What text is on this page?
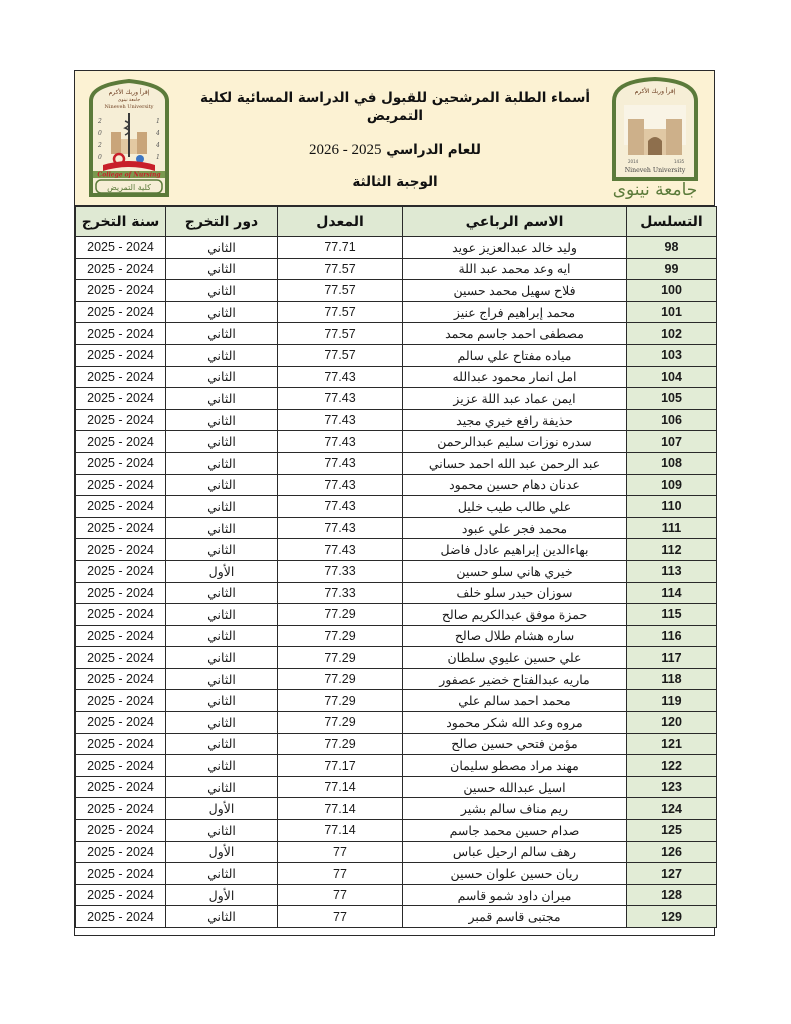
إقرأ وربك الأكرم
جامعة نينوى
Nineveh University
2
0
2
0
1
4
4
1
College of Nursing
كلية التمريض
أسماء الطلبة المرشحين للقبول في الدراسة المسائية لكلية التمريض
للعام الدراسي 2025 - 2026
الوجبة الثالثة
إقرأ وربك الأكرم
2014	1435
Nineveh University
جامعة نينوى
التسلسل	الاسم الرباعي	المعدل	دور التخرج	سنة التخرج
98	وليد خالد عبدالعزيز عويد	77.71	الثاني	2025 - 2024
99	ايه وعد محمد عبد اللة	77.57	الثاني	2025 - 2024
100	فلاح سهيل محمد حسين	77.57	الثاني	2025 - 2024
101	محمد إبراهيم فراج عنيز	77.57	الثاني	2025 - 2024
102	مصطفى احمد جاسم محمد	77.57	الثاني	2025 - 2024
103	مياده مفتاح علي سالم	77.57	الثاني	2025 - 2024
104	امل انمار محمود عبدالله	77.43	الثاني	2025 - 2024
105	ايمن عماد عبد اللة عزيز	77.43	الثاني	2025 - 2024
106	حذيفة رافع خيري مجيد	77.43	الثاني	2025 - 2024
107	سدره نوزات سليم عبدالرحمن	77.43	الثاني	2025 - 2024
108	عبد الرحمن عبد الله احمد حساني	77.43	الثاني	2025 - 2024
109	عدنان دهام حسين محمود	77.43	الثاني	2025 - 2024
110	علي طالب طيب خليل	77.43	الثاني	2025 - 2024
111	محمد فجر علي عبود	77.43	الثاني	2025 - 2024
112	بهاءالدين إبراهيم عادل فاضل	77.43	الثاني	2025 - 2024
113	خيري هاني سلو حسين	77.33	الأول	2025 - 2024
114	سوزان حيدر سلو خلف	77.33	الثاني	2025 - 2024
115	حمزة موفق عبدالكريم صالح	77.29	الثاني	2025 - 2024
116	ساره هشام طلال صالح	77.29	الثاني	2025 - 2024
117	علي حسين عليوي سلطان	77.29	الثاني	2025 - 2024
118	ماريه عبدالفتاح خضير عصفور	77.29	الثاني	2025 - 2024
119	محمد احمد سالم علي	77.29	الثاني	2025 - 2024
120	مروه وعد الله شكر محمود	77.29	الثاني	2025 - 2024
121	مؤمن فتحي حسين صالح	77.29	الثاني	2025 - 2024
122	مهند مراد مصطو سليمان	77.17	الثاني	2025 - 2024
123	اسيل عبدالله حسين	77.14	الثاني	2025 - 2024
124	ريم مناف سالم بشير	77.14	الأول	2025 - 2024
125	صدام حسين محمد جاسم	77.14	الثاني	2025 - 2024
126	رهف سالم ارحيل عباس	77	الأول	2025 - 2024
127	ريان حسين علوان حسين	77	الثاني	2025 - 2024
128	ميران داود شمو قاسم	77	الأول	2025 - 2024
129	مجتبى قاسم قمبر	77	الثاني	2025 - 2024
